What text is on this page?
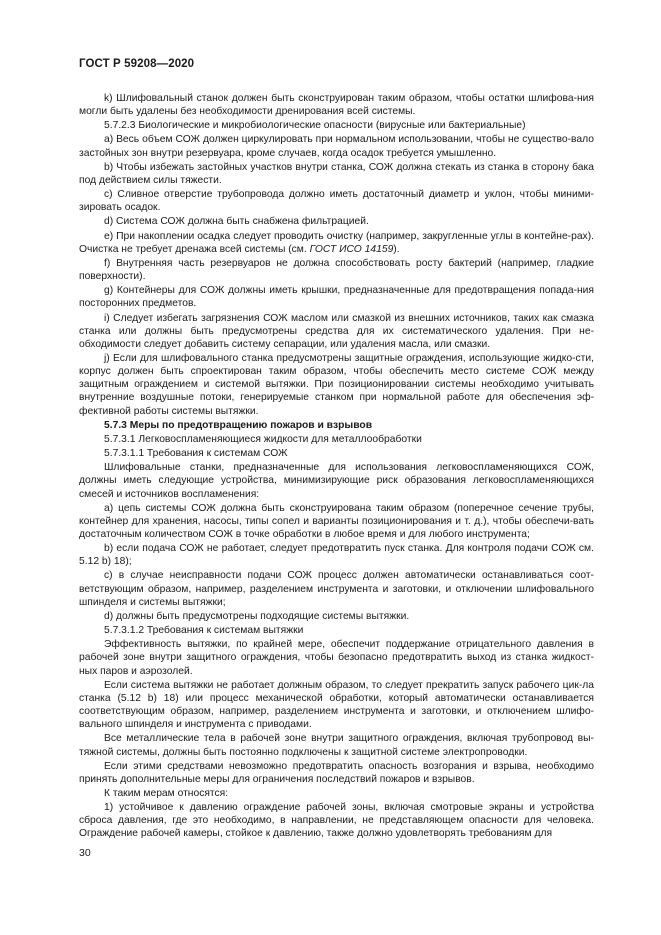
ГОСТ Р 59208—2020

k) Шлифовальный станок должен быть сконструирован таким образом, чтобы остатки шлифова-ния могли быть удалены без необходимости дренирования всей системы.

5.7.2.3 Биологические и микробиологические опасности (вирусные или бактериальные)

a) Весь объем СОЖ должен циркулировать при нормальном использовании, чтобы не существо-вало застойных зон внутри резервуара, кроме случаев, когда осадок требуется умышленно.

b) Чтобы избежать застойных участков внутри станка, СОЖ должна стекать из станка в сторону бака под действием силы тяжести.

c) Сливное отверстие трубопровода должно иметь достаточный диаметр и уклон, чтобы миними-зировать осадок.

d) Система СОЖ должна быть снабжена фильтрацией.

e) При накоплении осадка следует проводить очистку (например, закругленные углы в контейне-рах). Очистка не требует дренажа всей системы (см. ГОСТ ИСО 14159).

f) Внутренняя часть резервуаров не должна способствовать росту бактерий (например, гладкие поверхности).

g) Контейнеры для СОЖ должны иметь крышки, предназначенные для предотвращения попада-ния посторонних предметов.

i) Следует избегать загрязнения СОЖ маслом или смазкой из внешних источников, таких как смазка станка или должны быть предусмотрены средства для их систематического удаления. При не-обходимости следует добавить систему сепарации, или удаления масла, или смазки.

j) Если для шлифовального станка предусмотрены защитные ограждения, использующие жидко-сти, корпус должен быть спроектирован таким образом, чтобы обеспечить место системе СОЖ между защитным ограждением и системой вытяжки. При позиционировании системы необходимо учитывать внутренние воздушные потоки, генерируемые станком при нормальной работе для обеспечения эф-фективной работы системы вытяжки.

5.7.3 Меры по предотвращению пожаров и взрывов

5.7.3.1 Легковоспламеняющиеся жидкости для металлообработки

5.7.3.1.1 Требования к системам СОЖ

Шлифовальные станки, предназначенные для использования легковоспламеняющихся СОЖ, должны иметь следующие устройства, минимизирующие риск образования легковоспламеняющихся смесей и источников воспламенения:

a) цепь системы СОЖ должна быть сконструирована таким образом (поперечное сечение трубы, контейнер для хранения, насосы, типы сопел и варианты позиционирования и т. д.), чтобы обеспечи-вать достаточным количеством СОЖ в точке обработки в любое время и для любого инструмента;

b) если подача СОЖ не работает, следует предотвратить пуск станка. Для контроля подачи СОЖ см. 5.12 b) 18);

c) в случае неисправности подачи СОЖ процесс должен автоматически останавливаться соот-ветствующим образом, например, разделением инструмента и заготовки, и отключении шлифовального шпинделя и системы вытяжки;

d) должны быть предусмотрены подходящие системы вытяжки.

5.7.3.1.2 Требования к системам вытяжки

Эффективность вытяжки, по крайней мере, обеспечит поддержание отрицательного давления в рабочей зоне внутри защитного ограждения, чтобы безопасно предотвратить выход из станка жидкост-ных паров и аэрозолей.

Если система вытяжки не работает должным образом, то следует прекратить запуск рабочего цик-ла станка (5.12 b) 18) или процесс механической обработки, который автоматически останавливается соответствующим образом, например, разделением инструмента и заготовки, и отключением шлифо-вального шпинделя и инструмента с приводами.

Все металлические тела в рабочей зоне внутри защитного ограждения, включая трубопровод вы-тяжной системы, должны быть постоянно подключены к защитной системе электропроводки.

Если этими средствами невозможно предотвратить опасность возгорания и взрыва, необходимо принять дополнительные меры для ограничения последствий пожаров и взрывов.

К таким мерам относятся:

1) устойчивое к давлению ограждение рабочей зоны, включая смотровые экраны и устройства сброса давления, где это необходимо, в направлении, не представляющем опасности для человека. Ограждение рабочей камеры, стойкое к давлению, также должно удовлетворять требованиям для

30
